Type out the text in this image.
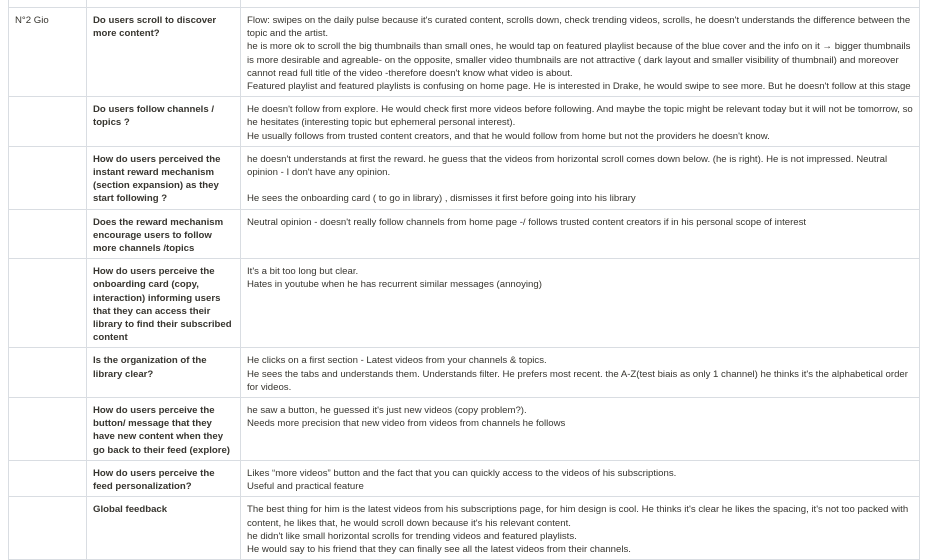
N°2 Gio	Do users scroll to discover more content?	Flow: swipes on the daily pulse because it's curated content, scrolls down, check trending videos, scrolls, he doesn't understands the difference between the topic and the artist.
he is more ok to scroll the big thumbnails than small ones, he would tap on featured playlist because of the blue cover and the info on it → bigger thumbnails is more desirable and agreable- on the opposite, smaller video thumbnails are not attractive ( dark layout and smaller visibility of thumbnail) and moreover cannot read full title of the video -therefore doesn't know what video is about.
Featured playlist and featured playlists is confusing on home page. He is interested in Drake, he would swipe to see more. But he doesn't follow at this stage

	Do users follow channels / topics ?	He doesn't follow from explore. He would check first more videos before following. And maybe the topic might be relevant today but it will not be tomorrow, so he hesitates (interesting topic but ephemeral personal interest).
He usually follows from trusted content creators, and that he would follow from home but not the providers he doesn't know.

	How do users perceived the instant reward mechanism (section expansion) as they start following ?	he doesn't understands at first the reward. he guess that the videos from horizontal scroll comes down below. (he is right). He is not impressed. Neutral opinion - I don't have any opinion.
He sees the onboarding card ( to go in library) , dismisses it first before going into his library

	Does the reward mechanism encourage users to follow more channels /topics	Neutral opinion - doesn't really follow channels from home page -/ follows trusted content creators if in his personal scope of interest

	How do users perceive the onboarding card (copy, interaction) informing users that they can access their library to find their subscribed content	It's a bit too long but clear.
Hates in youtube when he has recurrent similar messages (annoying)

	Is the organization of the library clear?	He clicks on a first section - Latest videos from your channels & topics.
He sees the tabs and understands them. Understands filter. He prefers most recent. the A-Z(test biais as only 1 channel) he thinks it's the alphabetical order for videos.

	How do users perceive the button/ message that they have new content when they go back to their feed (explore)	he saw a button, he guessed it's just new videos (copy problem?).
Needs more precision that new video from videos from channels he follows

	How do users perceive the feed personalization?	Likes “more videos” button and the fact that you can quickly access to the videos of his subscriptions.
Useful and practical feature

	Global feedback	The best thing for him is the latest videos from his subscriptions page, for him design is cool. He thinks it's clear he likes the spacing, it's not too packed with content, he likes that, he would scroll down because it's his relevant content.
he didn't like small horizontal scrolls for trending videos and featured playlists.
He would say to his friend that they can finally see all the latest videos from their channels.
